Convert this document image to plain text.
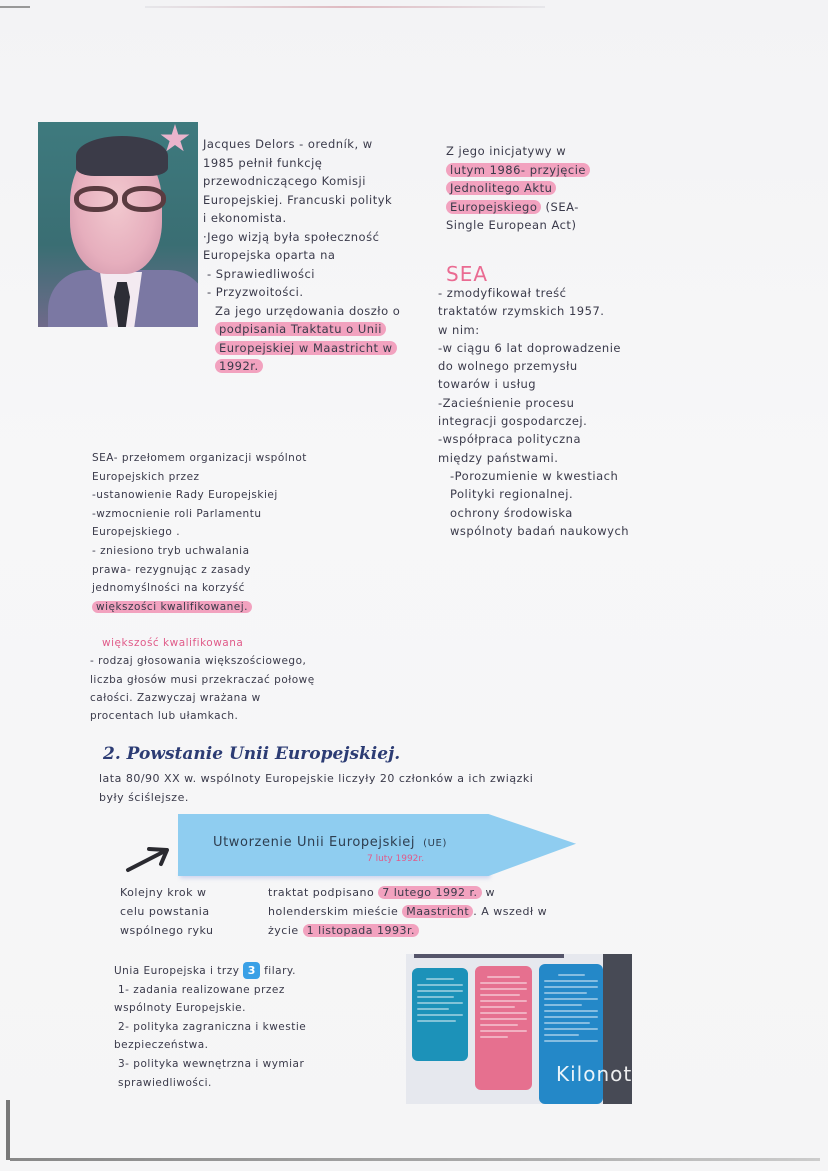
Jacques Delors - oredník, w
1985 pełnił funkcję
przewodniczącego Komisji
Europejskiej. Francuski polityk
i ekonomista.
·Jego wizją była społeczność
Europejska oparta na
- Sprawiedliwości
- Przyzwoitości.
Za jego urzędowania doszło o
podpisania Traktatu o Unii
Europejskiej w Maastricht w
1992r.
Z jego inicjatywy w
lutym 1986- przyjęcie
Jednolitego Aktu
Europejskiego (SEA-
Single European Act)
SEA
- zmodyfikował treść
traktatów rzymskich 1957.
w nim:
-w ciągu 6 lat doprowadzenie
do wolnego przemysłu
towarów i usług
-Zacieśnienie procesu
integracji gospodarczej.
-współpraca polityczna
między państwami.
-Porozumienie w kwestiach
Polityki regionalnej.
ochrony środowiska
wspólnoty badań naukowych
SEA- przełomem organizacji wspólnot
Europejskich przez
-ustanowienie Rady Europejskiej
-wzmocnienie roli Parlamentu
Europejskiego .
- zniesiono tryb uchwalania
prawa- rezygnując z zasady
jednomyślności na korzyść
większości kwalifikowanej.
większość kwalifikowana
- rodzaj głosowania większościowego,
liczba głosów musi przekraczać połowę
całości. Zazwyczaj wrażana w
procentach lub ułamkach.
2. Powstanie Unii Europejskiej.
lata 80/90 XX w. wspólnoty Europejskie liczyły 20 członków a ich związki
były ściślejsze.
Utworzenie Unii Europejskiej (UE)
7 luty 1992r.
Kolejny krok w
celu powstania
wspólnego ryku
traktat podpisano 7 lutego 1992 r. w
holenderskim mieście Maastricht . A wszedł w
życie 1 listopada 1993r.
Unia Europejska i trzy 3 filary.
1- zadania realizowane przez
wspólnoty Europejskie.
2- polityka zagraniczna i kwestie
bezpieczeństwa.
3- polityka wewnętrzna i wymiar
sprawiedliwości.	Kilonot
